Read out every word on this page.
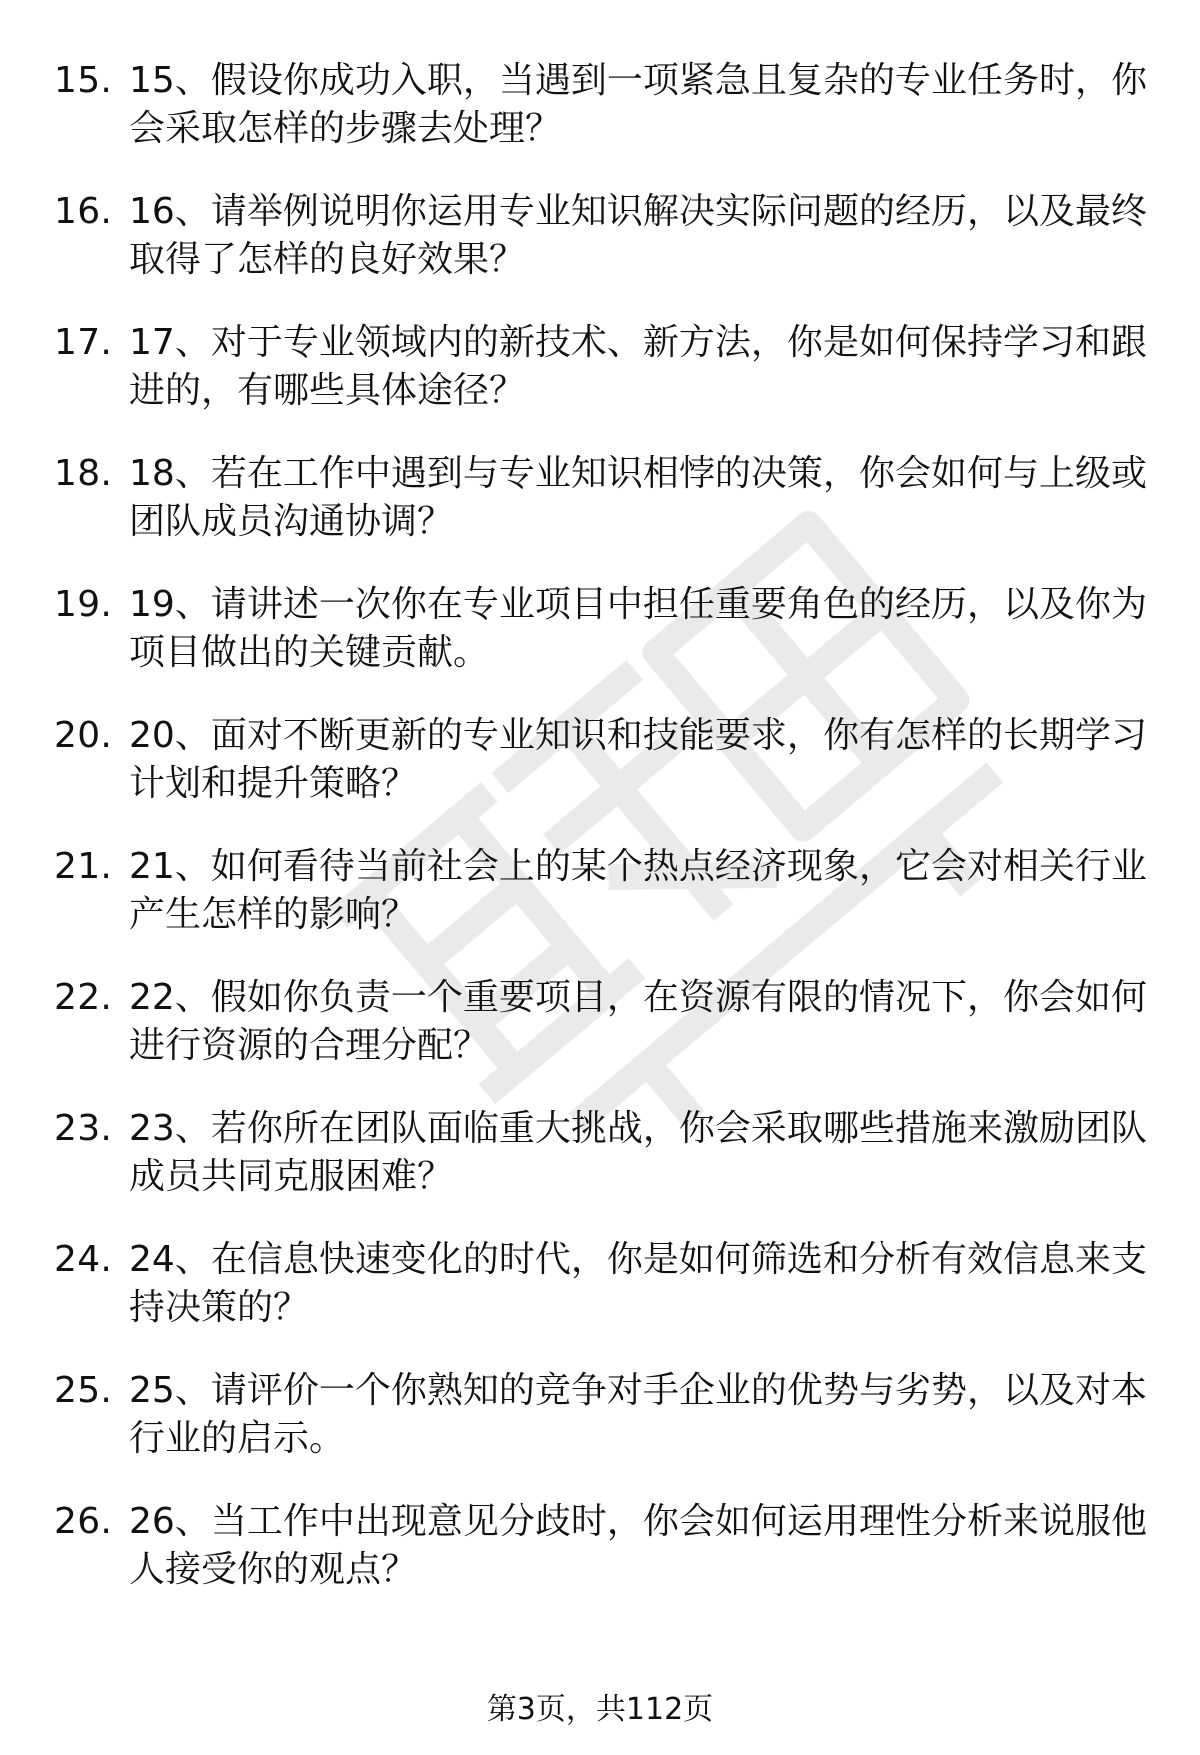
15. 15、假设你成功入职，当遇到一项紧急且复杂的专业任务时，你会采取怎样的步骤去处理？
16. 16、请举例说明你运用专业知识解决实际问题的经历，以及最终取得了怎样的良好效果？
17. 17、对于专业领域内的新技术、新方法，你是如何保持学习和跟进的，有哪些具体途径？
18. 18、若在工作中遇到与专业知识相悖的决策，你会如何与上级或团队成员沟通协调？
19. 19、请讲述一次你在专业项目中担任重要角色的经历，以及你为项目做出的关键贡献。
20. 20、面对不断更新的专业知识和技能要求，你有怎样的长期学习计划和提升策略？
21. 21、如何看待当前社会上的某个热点经济现象，它会对相关行业产生怎样的影响？
22. 22、假如你负责一个重要项目，在资源有限的情况下，你会如何进行资源的合理分配？
23. 23、若你所在团队面临重大挑战，你会采取哪些措施来激励团队成员共同克服困难？
24. 24、在信息快速变化的时代，你是如何筛选和分析有效信息来支持决策的？
25. 25、请评价一个你熟知的竞争对手企业的优势与劣势，以及对本行业的启示。
26. 26、当工作中出现意见分歧时，你会如何运用理性分析来说服他人接受你的观点？
第3页，共112页
